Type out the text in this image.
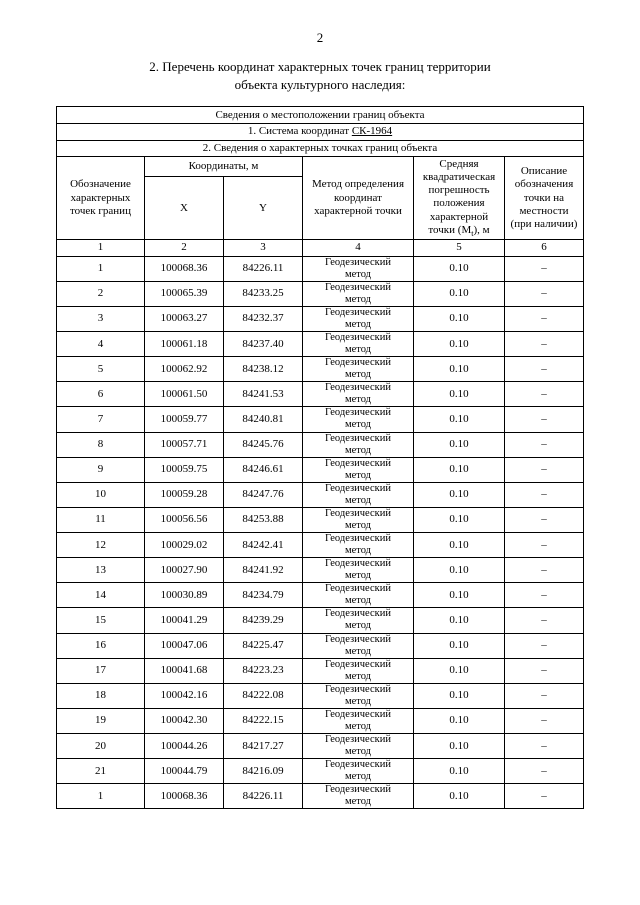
2
2. Перечень координат характерных точек границ территории
объекта культурного наследия:
Сведения о местоположении границ объекта					
1. Система координат СК-1964					
2. Сведения о характерных точках границ объекта					
Обозначение характерных точек границ	Координаты, м		Метод определения координат характерной точки	Средняя квадратическая погрешность положения характерной точки $(M_t)$, м	Описание обозначения точки на местности (при наличии)
	X	Y			
1	2	3	4	5	6
1	100068.36	84226.11	Геодезический метод	0.10	–
2	100065.39	84233.25	Геодезический метод	0.10	–
3	100063.27	84232.37	Геодезический метод	0.10	–
4	100061.18	84237.40	Геодезический метод	0.10	–
5	100062.92	84238.12	Геодезический метод	0.10	–
6	100061.50	84241.53	Геодезический метод	0.10	–
7	100059.77	84240.81	Геодезический метод	0.10	–
8	100057.71	84245.76	Геодезический метод	0.10	–
9	100059.75	84246.61	Геодезический метод	0.10	–
10	100059.28	84247.76	Геодезический метод	0.10	–
11	100056.56	84253.88	Геодезический метод	0.10	–
12	100029.02	84242.41	Геодезический метод	0.10	–
13	100027.90	84241.92	Геодезический метод	0.10	–
14	100030.89	84234.79	Геодезический метод	0.10	–
15	100041.29	84239.29	Геодезический метод	0.10	–
16	100047.06	84225.47	Геодезический метод	0.10	–
17	100041.68	84223.23	Геодезический метод	0.10	–
18	100042.16	84222.08	Геодезический метод	0.10	–
19	100042.30	84222.15	Геодезический метод	0.10	–
20	100044.26	84217.27	Геодезический метод	0.10	–
21	100044.79	84216.09	Геодезический метод	0.10	–
1	100068.36	84226.11	Геодезический метод	0.10	–
